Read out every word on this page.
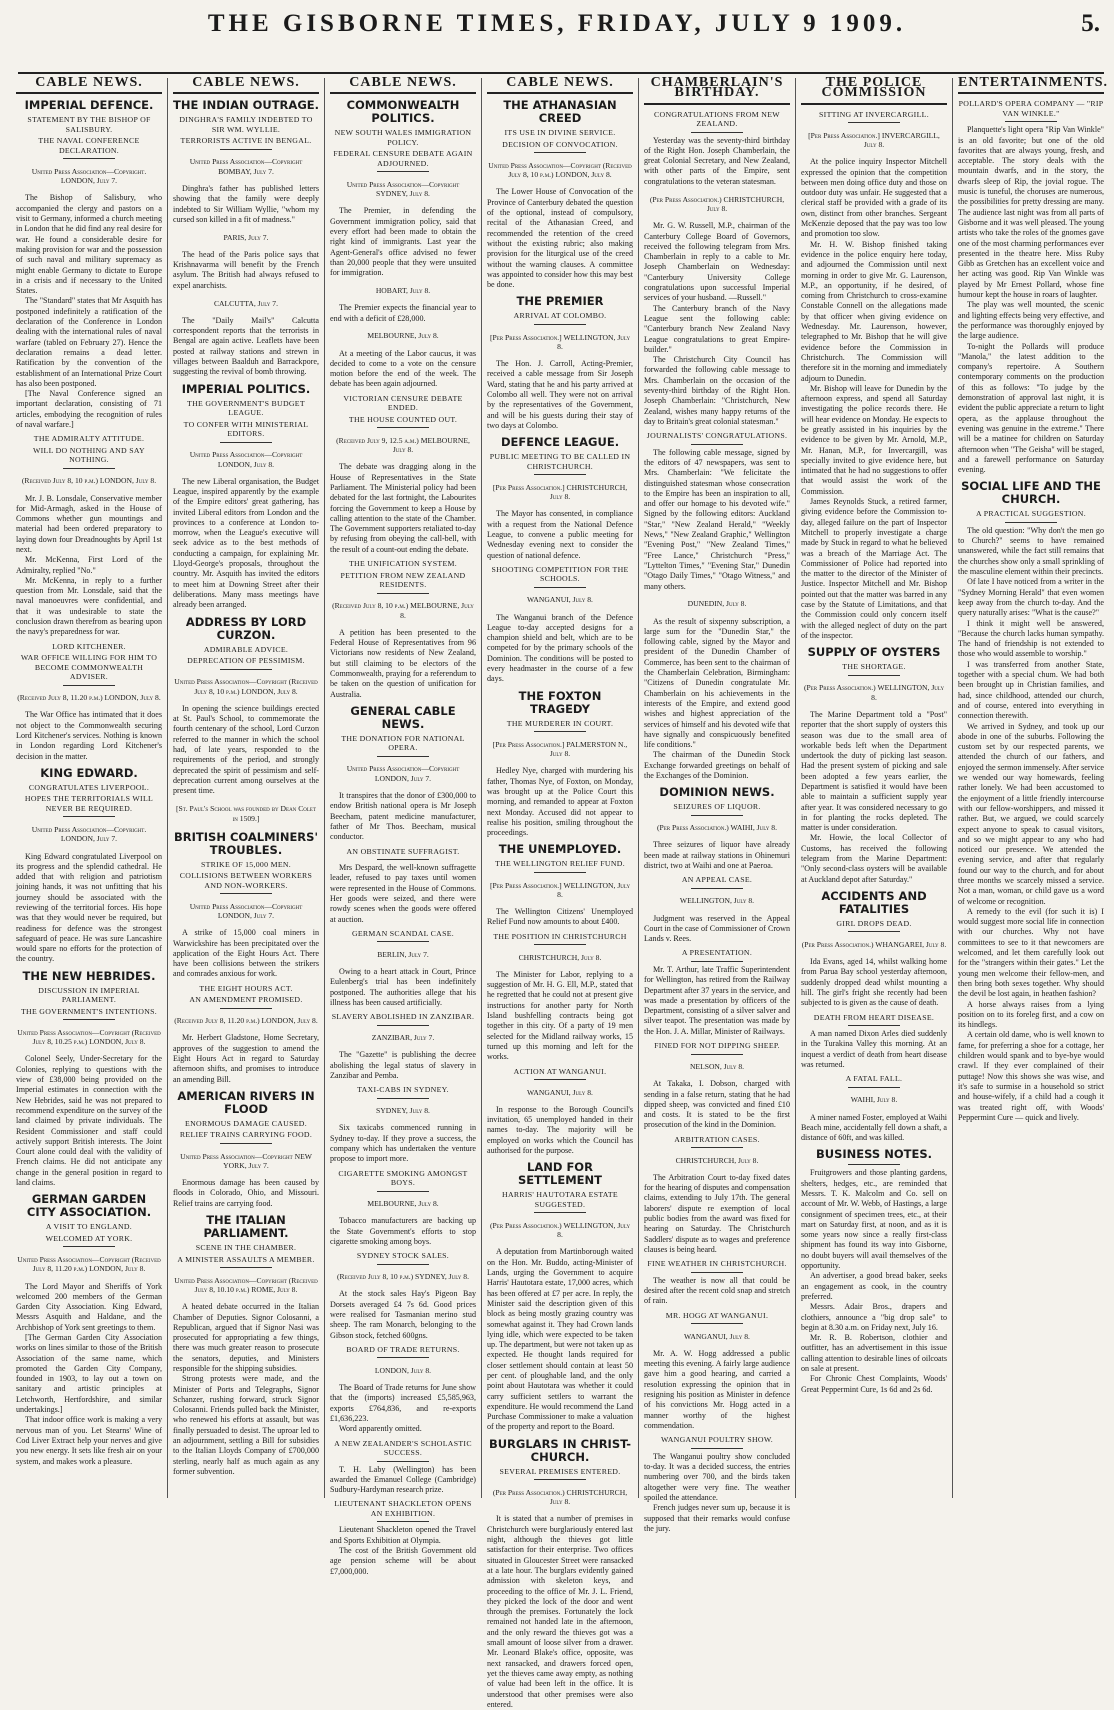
THE GISBORNE TIMES, FRIDAY, JULY 9 1909.	5.
CABLE NEWS.
IMPERIAL DEFENCE.
STATEMENT BY THE BISHOP OF SALISBURY.
THE NAVAL CONFERENCE DECLARATION.

United Press Association—Copyright. LONDON, July 7.

The Bishop of Salisbury, who accompanied the clergy and pastors on a visit to Germany, informed a church meeting in London that he did find any real desire for war. He found a considerable desire for making provision for war and the possession of such naval and military supremacy as might enable Germany to dictate to Europe in a crisis and if necessary to the United States.

The "Standard" states that Mr Asquith has postponed indefinitely a ratification of the declaration of the Conference in London dealing with the international rules of naval warfare (tabled on February 27). Hence the declaration remains a dead letter. Ratification by the convention of the establishment of an International Prize Court has also been postponed.

[The Naval Conference signed an important declaration, consisting of 71 articles, embodying the recognition of rules of naval warfare.]

THE ADMIRALTY ATTITUDE.
WILL DO NOTHING AND SAY NOTHING.

(Received July 8, 10 p.m.) LONDON, July 8.

Mr. J. B. Lonsdale, Conservative member for Mid-Armagh, asked in the House of Commons whether gun mountings and material had been ordered preparatory to laying down four Dreadnoughts by April 1st next.

Mr. McKenna, First Lord of the Admiralty, replied "No."

Mr. McKenna, in reply to a further question from Mr. Lonsdale, said that the naval manoeuvres were confidential, and that it was undesirable to state the conclusion drawn therefrom as bearing upon the navy's preparedness for war.

LORD KITCHENER.
WAR OFFICE WILLING FOR HIM TO BECOME COMMONWEALTH ADVISER.

(Received July 8, 11.20 p.m.) LONDON, July 8.

The War Office has intimated that it does not object to the Commonwealth securing Lord Kitchener's services. Nothing is known in London regarding Lord Kitchener's decision in the matter.

KING EDWARD.
CONGRATULATES LIVERPOOL.
HOPES THE TERRITORIALS WILL NEVER BE REQUIRED.

United Press Association—Copyright. LONDON, July 7.

King Edward congratulated Liverpool on its progress and the splendid cathedral. He added that with religion and patriotism joining hands, it was not unfitting that his journey should be associated with the reviewing of the territorial forces. His hope was that they would never be required, but readiness for defence was the strongest safeguard of peace. He was sure Lancashire would spare no efforts for the protection of the country.

THE NEW HEBRIDES.
DISCUSSION IN IMPERIAL PARLIAMENT.
THE GOVERNMENT'S INTENTIONS.

United Press Association—Copyright (Received July 8, 10.25 p.m.) LONDON, July 8.

Colonel Seely, Under-Secretary for the Colonies, replying to questions with the view of £38,000 being provided on the Imperial estimates in connection with the New Hebrides, said he was not prepared to recommend expenditure on the survey of the land claimed by private individuals. The Resident Commissioner and staff could actively support British interests. The Joint Court alone could deal with the validity of French claims. He did not anticipate any change in the general position in regard to land claims.

GERMAN GARDEN CITY ASSOCIATION.
A VISIT TO ENGLAND.
WELCOMED AT YORK.

United Press Association—Copyright (Received July 8, 11.20 p.m.) LONDON, July 8.

The Lord Mayor and Sheriffs of York welcomed 200 members of the German Garden City Association. King Edward, Messrs Asquith and Haldane, and the Archbishop of York sent greetings to them.

[The German Garden City Association works on lines similar to those of the British Association of the same name, which promoted the Garden City Company, founded in 1903, to lay out a town on sanitary and artistic principles at Letchworth, Hertfordshire, and similar undertakings.]

That indoor office work is making a very nervous man of you. Let Stearns' Wine of Cod Liver Extract help your nerves and give you new energy. It sets like fresh air on your system, and makes work a pleasure.

CABLE NEWS.
THE INDIAN OUTRAGE.
DINGHRA'S FAMILY INDEBTED TO SIR WM. WYLLIE.
TERRORISTS ACTIVE IN BENGAL.

United Press Association—Copyright BOMBAY, July 7.

Dinghra's father has published letters showing that the family were deeply indebted to Sir William Wyllie, "whom my cursed son killed in a fit of madness."

PARIS, July 7.

The head of the Paris police says that Krishnavarma will benefit by the French asylum. The British had always refused to expel anarchists.

CALCUTTA, July 7.

The "Daily Mail's" Calcutta correspondent reports that the terrorists in Bengal are again active. Leaflets have been posted at railway stations and strewn in villages between Baalduh and Barrackpore, suggesting the revival of bomb throwing.

IMPERIAL POLITICS.
THE GOVERNMENT'S BUDGET LEAGUE.
TO CONFER WITH MINISTERIAL EDITORS.

United Press Association—Copyright LONDON, July 8.

The new Liberal organisation, the Budget League, inspired apparently by the example of the Empire editors' great gathering, has invited Liberal editors from London and the provinces to a conference at London to-morrow, when the League's executive will seek advice as to the best methods of conducting a campaign, for explaining Mr. Lloyd-George's proposals, throughout the country. Mr. Asquith has invited the editors to meet him at Downing Street after their deliberations. Many mass meetings have already been arranged.

ADDRESS BY LORD CURZON.
ADMIRABLE ADVICE.
DEPRECATION OF PESSIMISM.

United Press Association—Copyright (Received July 8, 10 p.m.) LONDON, July 8.

In opening the science buildings erected at St. Paul's School, to commemorate the fourth centenary of the school, Lord Curzon referred to the manner in which the school had, of late years, responded to the requirements of the period, and strongly deprecated the spirit of pessimism and self-deprecation current among ourselves at the present time.

[St. Paul's School was founded by Dean Colet in 1509.]

BRITISH COALMINERS' TROUBLES.
STRIKE OF 15,000 MEN.
COLLISIONS BETWEEN WORKERS AND NON-WORKERS.

United Press Association—Copyright LONDON, July 7.

A strike of 15,000 coal miners in Warwickshire has been precipitated over the application of the Eight Hours Act. There have been collisions between the strikers and comrades anxious for work.

THE EIGHT HOURS ACT.
AN AMENDMENT PROMISED.

(Received July 8, 11.20 p.m.) LONDON, July 8.

Mr. Herbert Gladstone, Home Secretary, approves of the suggestion to amend the Eight Hours Act in regard to Saturday afternoon shifts, and promises to introduce an amending Bill.

AMERICAN RIVERS IN FLOOD
ENORMOUS DAMAGE CAUSED.
RELIEF TRAINS CARRYING FOOD.

United Press Association—Copyright NEW YORK, July 7.

Enormous damage has been caused by floods in Colorado, Ohio, and Missouri. Relief trains are carrying food.

THE ITALIAN PARLIAMENT.
SCENE IN THE CHAMBER.
A MINISTER ASSAULTS A MEMBER.

United Press Association—Copyright (Received July 8, 10.10 p.m.) ROME, July 8.

A heated debate occurred in the Italian Chamber of Deputies. Signor Colosanni, a Republican, argued that if Signor Nasi was prosecuted for appropriating a few things, there was much greater reason to prosecute the senators, deputies, and Ministers responsible for the shipping subsidies.

Strong protests were made, and the Minister of Ports and Telegraphs, Signor Schanzer, rushing forward, struck Signor Colosanni. Friends pulled back the Minister, who renewed his efforts at assault, but was finally persuaded to desist. The uproar led to an adjournment, settling a Bill for subsidies to the Italian Lloyds Company of £700,000 sterling, nearly half as much again as any former subvention.

CABLE NEWS.
COMMONWEALTH POLITICS.
NEW SOUTH WALES IMMIGRATION POLICY.
FEDERAL CENSURE DEBATE AGAIN ADJOURNED.

United Press Association—Copyright SYDNEY, July 8.

The Premier, in defending the Government immigration policy, said that every effort had been made to obtain the right kind of immigrants. Last year the Agent-General's office advised no fewer than 20,000 people that they were unsuited for immigration.

HOBART, July 8.

The Premier expects the financial year to end with a deficit of £28,000.

MELBOURNE, July 8.

At a meeting of the Labor caucus, it was decided to come to a vote on the censure motion before the end of the week. The debate has been again adjourned.

VICTORIAN CENSURE DEBATE ENDED.
THE HOUSE COUNTED OUT.

(Received July 9, 12.5 a.m.) MELBOURNE, July 8.

The debate was dragging along in the House of Representatives in the State Parliament. The Ministerial policy had been debated for the last fortnight, the Labourites forcing the Government to keep a House by calling attention to the state of the Chamber. The Government supporters retaliated to-day by refusing from obeying the call-bell, with the result of a count-out ending the debate.

THE UNIFICATION SYSTEM.
PETITION FROM NEW ZEALAND RESIDENTS.

(Received July 8, 10 p.m.) MELBOURNE, July 8.

A petition has been presented to the Federal House of Representatives from 96 Victorians now residents of New Zealand, but still claiming to be electors of the Commonwealth, praying for a referendum to be taken on the question of unification for Australia.

GENERAL CABLE NEWS.
THE DONATION FOR NATIONAL OPERA.

United Press Association—Copyright LONDON, July 7.

It transpires that the donor of £300,000 to endow British national opera is Mr Joseph Beecham, patent medicine manufacturer, father of Mr Thos. Beecham, musical conductor.

AN OBSTINATE SUFFRAGIST.

Mrs Despard, the well-known suffragette leader, refused to pay taxes until women were represented in the House of Commons. Her goods were seized, and there were rowdy scenes when the goods were offered at auction.

GERMAN SCANDAL CASE.

BERLIN, July 7.

Owing to a heart attack in Court, Prince Eulenberg's trial has been indefinitely postponed. The authorities allege that his illness has been caused artificially.

SLAVERY ABOLISHED IN ZANZIBAR.

ZANZIBAR, July 7.

The "Gazette" is publishing the decree abolishing the legal status of slavery in Zanzibar and Pemba.

TAXI-CABS IN SYDNEY.

SYDNEY, July 8.

Six taxicabs commenced running in Sydney to-day. If they prove a success, the company which has undertaken the venture propose to import more.

CIGARETTE SMOKING AMONGST BOYS.

MELBOURNE, July 8.

Tobacco manufacturers are backing up the State Government's efforts to stop cigarette smoking among boys.

SYDNEY STOCK SALES.

(Received July 8, 10 p.m.) SYDNEY, July 8.

At the stock sales Hay's Pigeon Bay Dorsets averaged £4 7s 6d. Good prices were realised for Tasmanian merino stud sheep. The ram Monarch, belonging to the Gibson stock, fetched 600gns.

BOARD OF TRADE RETURNS.

LONDON, July 8.

The Board of Trade returns for June show that the (imports) increased £5,585,963, exports £764,836, and re-exports £1,636,223.

Word apparently omitted.

A NEW ZEALANDER'S SCHOLASTIC SUCCESS.

T. H. Laby (Wellington) has been awarded the Emanuel College (Cambridge) Sudbury-Hardyman research prize.

LIEUTENANT SHACKLETON OPENS AN EXHIBITION.

Lieutenant Shackleton opened the Travel and Sports Exhibition at Olympia.

The cost of the British Government old age pension scheme will be about £7,000,000.

CABLE NEWS.
THE ATHANASIAN CREED
ITS USE IN DIVINE SERVICE.
DECISION OF CONVOCATION.

United Press Association—Copyright (Received July 8, 10 p.m.) LONDON, July 8.

The Lower House of Convocation of the Province of Canterbury debated the question of the optional, instead of compulsory, recital of the Athanasian Creed, and recommended the retention of the creed without the existing rubric; also making provision for the liturgical use of the creed without the warning clauses. A committee was appointed to consider how this may best be done.

THE PREMIER
ARRIVAL AT COLOMBO.

[Per Press Association.] WELLINGTON, July 8.

The Hon. J. Carroll, Acting-Premier, received a cable message from Sir Joseph Ward, stating that he and his party arrived at Colombo all well. They were not on arrival by the representatives of the Government, and will be his guests during their stay of two days at Colombo.

DEFENCE LEAGUE.
PUBLIC MEETING TO BE CALLED IN CHRISTCHURCH.

[Per Press Association.] CHRISTCHURCH, July 8.

The Mayor has consented, in compliance with a request from the National Defence League, to convene a public meeting for Wednesday evening next to consider the question of national defence.

SHOOTING COMPETITION FOR THE SCHOOLS.

WANGANUI, July 8.

The Wanganui branch of the Defence League to-day accepted designs for a champion shield and belt, which are to be competed for by the primary schools of the Dominion. The conditions will be posted to every headmaster in the course of a few days.

THE FOXTON TRAGEDY
THE MURDERER IN COURT.

[Per Press Association.] PALMERSTON N., July 8.

Hedley Nye, charged with murdering his father, Thomas Nye, of Foxton, on Monday, was brought up at the Police Court this morning, and remanded to appear at Foxton next Monday. Accused did not appear to realise his position, smiling throughout the proceedings.

THE UNEMPLOYED.
THE WELLINGTON RELIEF FUND.

[Per Press Association.] WELLINGTON, July 8.

The Wellington Citizens' Unemployed Relief Fund now amounts to about £400.

THE POSITION IN CHRISTCHURCH

CHRISTCHURCH, July 8.

The Minister for Labor, replying to a suggestion of Mr. H. G. Ell, M.P., stated that he regretted that he could not at present give instructions for another party for North Island bushfelling contracts being got together in this city. Of a party of 19 men selected for the Midland railway works, 15 turned up this morning and left for the works.

ACTION AT WANGANUI.

WANGANUI, July 8.

In response to the Borough Council's invitation, 65 unemployed handed in their names to-day. The majority will be employed on works which the Council has authorised for the purpose.

LAND FOR SETTLEMENT
HARRIS' HAUTOTARA ESTATE SUGGESTED.

(Per Press Association.) WELLINGTON, July 8.

A deputation from Martinborough waited on the Hon. Mr. Buddo, acting-Minister of Lands, urging the Government to acquire Harris' Hautotara estate, 17,000 acres, which has been offered at £7 per acre. In reply, the Minister said the description given of this block as being mostly grazing country was somewhat against it. They had Crown lands lying idle, which were expected to be taken up. The department, but were not taken up as expected. He thought lands required for closer settlement should contain at least 50 per cent. of ploughable land, and the only point about Hautotara was whether it could carry sufficient settlers to warrant the expenditure. He would recommend the Land Purchase Commissioner to make a valuation of the property and report to the Board.

BURGLARS IN CHRIST-CHURCH.
SEVERAL PREMISES ENTERED.

(Per Press Association.) CHRISTCHURCH, July 8.

It is stated that a number of premises in Christchurch were burglariously entered last night, although the thieves got little satisfaction for their enterprise. Two offices situated in Gloucester Street were ransacked at a late hour. The burglars evidently gained admission with skeleton keys, and proceeding to the office of Mr. J. L. Friend, they picked the lock of the door and went through the premises. Fortunately the lock remained not handed late in the afternoon, and the only reward the thieves got was a small amount of loose silver from a drawer. Mr. Leonard Blake's office, opposite, was next ransacked, and drawers forced open, yet the thieves came away empty, as nothing of value had been left in the office. It is understood that other premises were also entered.

CHAMBERLAIN'S BIRTHDAY.
CONGRATULATIONS FROM NEW ZEALAND.

Yesterday was the seventy-third birthday of the Right Hon. Joseph Chamberlain, the great Colonial Secretary, and New Zealand, with other parts of the Empire, sent congratulations to the veteran statesman.

(Per Press Association.) CHRISTCHURCH, July 8.

Mr. G. W. Russell, M.P., chairman of the Canterbury College Board of Governors, received the following telegram from Mrs. Chamberlain in reply to a cable to Mr. Joseph Chamberlain on Wednesday: "Canterbury University College congratulations upon successful Imperial services of your husband. —Russell."

The Canterbury branch of the Navy League sent the following cable: "Canterbury branch New Zealand Navy League congratulations to great Empire-builder."

The Christchurch City Council has forwarded the following cable message to Mrs. Chamberlain on the occasion of the seventy-third birthday of the Right Hon. Joseph Chamberlain: "Christchurch, New Zealand, wishes many happy returns of the day to Britain's great colonial statesman."

JOURNALISTS' CONGRATULATIONS.

The following cable message, signed by the editors of 47 newspapers, was sent to Mrs. Chamberlain: "We felicitate the distinguished statesman whose consecration to the Empire has been an inspiration to all, and offer our homage to his devoted wife." Signed by the following editors: Auckland "Star," "New Zealand Herald," "Weekly News," "New Zealand Graphic," Wellington "Evening Post," "New Zealand Times," "Free Lance," Christchurch "Press," "Lyttelton Times," "Evening Star," Dunedin "Otago Daily Times," "Otago Witness," and many others.

DUNEDIN, July 8.

As the result of sixpenny subscription, a large sum for the "Dunedin Star," the following cable, signed by the Mayor and president of the Dunedin Chamber of Commerce, has been sent to the chairman of the Chamberlain Celebration, Birmingham: "Citizens of Dunedin congratulate Mr. Chamberlain on his achievements in the interests of the Empire, and extend good wishes and highest appreciation of the services of himself and his devoted wife that have signally and conspicuously benefited life conditions."

The chairman of the Dunedin Stock Exchange forwarded greetings on behalf of the Exchanges of the Dominion.

DOMINION NEWS.
SEIZURES OF LIQUOR.

(Per Press Association.) WAIHI, July 8.

Three seizures of liquor have already been made at railway stations in Ohinemuri district, two at Waihi and one at Paeroa.

AN APPEAL CASE.

WELLINGTON, July 8.

Judgment was reserved in the Appeal Court in the case of Commissioner of Crown Lands v. Rees.

A PRESENTATION.

Mr. T. Arthur, late Traffic Superintendent for Wellington, has retired from the Railway Department after 37 years in the service, and was made a presentation by officers of the Department, consisting of a silver salver and silver teapot. The presentation was made by the Hon. J. A. Millar, Minister of Railways.

FINED FOR NOT DIPPING SHEEP.

NELSON, July 8.

At Takaka, I. Dobson, charged with sending in a false return, stating that he had dipped sheep, was convicted and fined £10 and costs. It is stated to be the first prosecution of the kind in the Dominion.

ARBITRATION CASES.

CHRISTCHURCH, July 8.

The Arbitration Court to-day fixed dates for the hearing of disputes and compensation claims, extending to July 17th. The general laborers' dispute re exemption of local public bodies from the award was fixed for hearing on Saturday. The Christchurch Saddlers' dispute as to wages and preference clauses is being heard.

FINE WEATHER IN CHRISTCHURCH.

The weather is now all that could be desired after the recent cold snap and stretch of rain.

MR. HOGG AT WANGANUI.

WANGANUI, July 8.

Mr. A. W. Hogg addressed a public meeting this evening. A fairly large audience gave him a good hearing, and carried a resolution expressing the opinion that in resigning his position as Minister in defence of his convictions Mr. Hogg acted in a manner worthy of the highest commendation.

WANGANUI POULTRY SHOW.

The Wanganui poultry show concluded to-day. It was a decided success, the entries numbering over 700, and the birds taken altogether were very fine. The weather spoiled the attendance.

French judges never sum up, because it is supposed that their remarks would confuse the jury.

THE POLICE COMMISSION
SITTING AT INVERCARGILL.

[Per Press Association.] INVERCARGILL, July 8.

At the police inquiry Inspector Mitchell expressed the opinion that the competition between men doing office duty and those on outdoor duty was unfair. He suggested that a clerical staff be provided with a grade of its own, distinct from other branches. Sergeant McKenzie deposed that the pay was too low and promotion too slow.

Mr. H. W. Bishop finished taking evidence in the police enquiry here today, and adjourned the Commission until next morning in order to give Mr. G. Laurenson, M.P., an opportunity, if he desired, of coming from Christchurch to cross-examine Constable Connell on the allegations made by that officer when giving evidence on Wednesday. Mr. Laurenson, however, telegraphed to Mr. Bishop that he will give evidence before the Commission in Christchurch. The Commission will therefore sit in the morning and immediately adjourn to Dunedin.

Mr. Bishop will leave for Dunedin by the afternoon express, and spend all Saturday investigating the police records there. He will hear evidence on Monday. He expects to be greatly assisted in his inquiries by the evidence to be given by Mr. Arnold, M.P., Mr. Hanan, M.P., for Invercargill, was specially invited to give evidence here, but intimated that he had no suggestions to offer that would assist the work of the Commission.

James Reynolds Stuck, a retired farmer, giving evidence before the Commission to-day, alleged failure on the part of Inspector Mitchell to properly investigate a charge made by Stuck in regard to what he believed was a breach of the Marriage Act. The Commissioner of Police had reported into the matter to the director of the Minister of Justice. Inspector Mitchell and Mr. Bishop pointed out that the matter was barred in any case by the Statute of Limitations, and that the Commission could only concern itself with the alleged neglect of duty on the part of the inspector.

SUPPLY OF OYSTERS
THE SHORTAGE.

(Per Press Association.) WELLINGTON, July 8.

The Marine Department told a "Post" reporter that the short supply of oysters this season was due to the small area of workable beds left when the Department undertook the duty of picking last season. Had the present system of picking and sale been adopted a few years earlier, the Department is satisfied it would have been able to maintain a sufficient supply year after year. It was considered necessary to go in for planting the rocks depleted. The matter is under consideration.

Mr. Howie, the local Collector of Customs, has received the following telegram from the Marine Department: "Only second-class oysters will be available at Auckland depot after Saturday."

ACCIDENTS AND FATALITIES
GIRL DROPS DEAD.

(Per Press Association.) WHANGAREI, July 8.

Ida Evans, aged 14, whilst walking home from Parua Bay school yesterday afternoon, suddenly dropped dead whilst mounting a hill. The girl's fright she recently had been subjected to is given as the cause of death.

DEATH FROM HEART DISEASE.

A man named Dixon Arles died suddenly in the Turakina Valley this morning. At an inquest a verdict of death from heart disease was returned.

A FATAL FALL.

WAIHI, July 8.

A miner named Foster, employed at Waihi Beach mine, accidentally fell down a shaft, a distance of 60ft, and was killed.

BUSINESS NOTES.

Fruitgrowers and those planting gardens, shelters, hedges, etc., are reminded that Messrs. T. K. Malcolm and Co. sell on account of Mr. W. Webb, of Hastings, a large consignment of specimen trees, etc., at their mart on Saturday first, at noon, and as it is some years now since a really first-class shipment has found its way into Gisborne, no doubt buyers will avail themselves of the opportunity.

An advertiser, a good bread baker, seeks an engagement as cook, in the country preferred.

Messrs. Adair Bros., drapers and clothiers, announce a "big drop sale" to begin at 8.30 a.m. on Friday next, July 16.

Mr. R. B. Robertson, clothier and outfitter, has an advertisement in this issue calling attention to desirable lines of oilcoats on sale at present.

For Chronic Chest Complaints, Woods' Great Peppermint Cure, 1s 6d and 2s 6d.

ENTERTAINMENTS.
POLLARD'S OPERA COMPANY — "RIP VAN WINKLE."

Planquette's light opera "Rip Van Winkle" is an old favorite; but one of the old favorites that are always young, fresh, and acceptable. The story deals with the mountain dwarfs, and in the story, the dwarfs sleep of Rip, the jovial rogue. The music is tuneful, the choruses are numerous, the possibilities for pretty dressing are many. The audience last night was from all parts of Gisborne and it was well pleased. The young artists who take the roles of the gnomes gave one of the most charming performances ever presented in the theatre here. Miss Ruby Gibb as Gretchen has an excellent voice and her acting was good. Rip Van Winkle was played by Mr Ernest Pollard, whose fine humour kept the house in roars of laughter.

The play was well mounted, the scenic and lighting effects being very effective, and the performance was thoroughly enjoyed by the large audience.

To-night the Pollards will produce "Manola," the latest addition to the company's repertoire. A Southern contemporary comments on the production of this as follows: "To judge by the demonstration of approval last night, it is evident the public appreciate a return to light opera, as the applause throughout the evening was genuine in the extreme." There will be a matinee for children on Saturday afternoon when "The Geisha" will be staged, and a farewell performance on Saturday evening.

SOCIAL LIFE AND THE CHURCH.
A PRACTICAL SUGGESTION.

The old question: "Why don't the men go to Church?" seems to have remained unanswered, while the fact still remains that the churches show only a small sprinkling of the masculine element within their precincts.

Of late I have noticed from a writer in the "Sydney Morning Herald" that even women keep away from the church to-day. And the query naturally arises: "What is the cause?"

I think it might well be answered, "Because the church lacks human sympathy. The hand of friendship is not extended to those who would assemble to worship."

I was transferred from another State, together with a special chum. We had both been brought up in Christian families, and had, since childhood, attended our church, and of course, entered into everything in connection therewith.

We arrived in Sydney, and took up our abode in one of the suburbs. Following the custom set by our respected parents, we attended the church of our fathers, and enjoyed the sermon immensely. After service we wended our way homewards, feeling rather lonely. We had been accustomed to the enjoyment of a little friendly intercourse with our fellow-worshippers, and missed it rather. But, we argued, we could scarcely expect anyone to speak to casual visitors, and so we might appear to any who had noticed our presence. We attended the evening service, and after that regularly found our way to the church, and for about three months we scarcely missed a service. Not a man, woman, or child gave us a word of welcome or recognition.

A remedy to the evil (for such it is) I would suggest more social life in connection with our churches. Why not have committees to see to it that newcomers are welcomed, and let them carefully look out for the "strangers within their gates." Let the young men welcome their fellow-men, and then bring both sexes together. Why should the devil be lost again, in heathen fashion?

A horse always raises from a lying position on to its foreleg first, and a cow on its hindlegs.

A certain old dame, who is well known to fame, for preferring a shoe for a cottage, her children would spank and to bye-bye would crawl. If they ever complained of their puttage! Now this shows she was wise, and it's safe to surmise in a household so strict and house-wifely, if a child had a cough it was treated right off, with Woods' Peppermint Cure — quick and lively.
